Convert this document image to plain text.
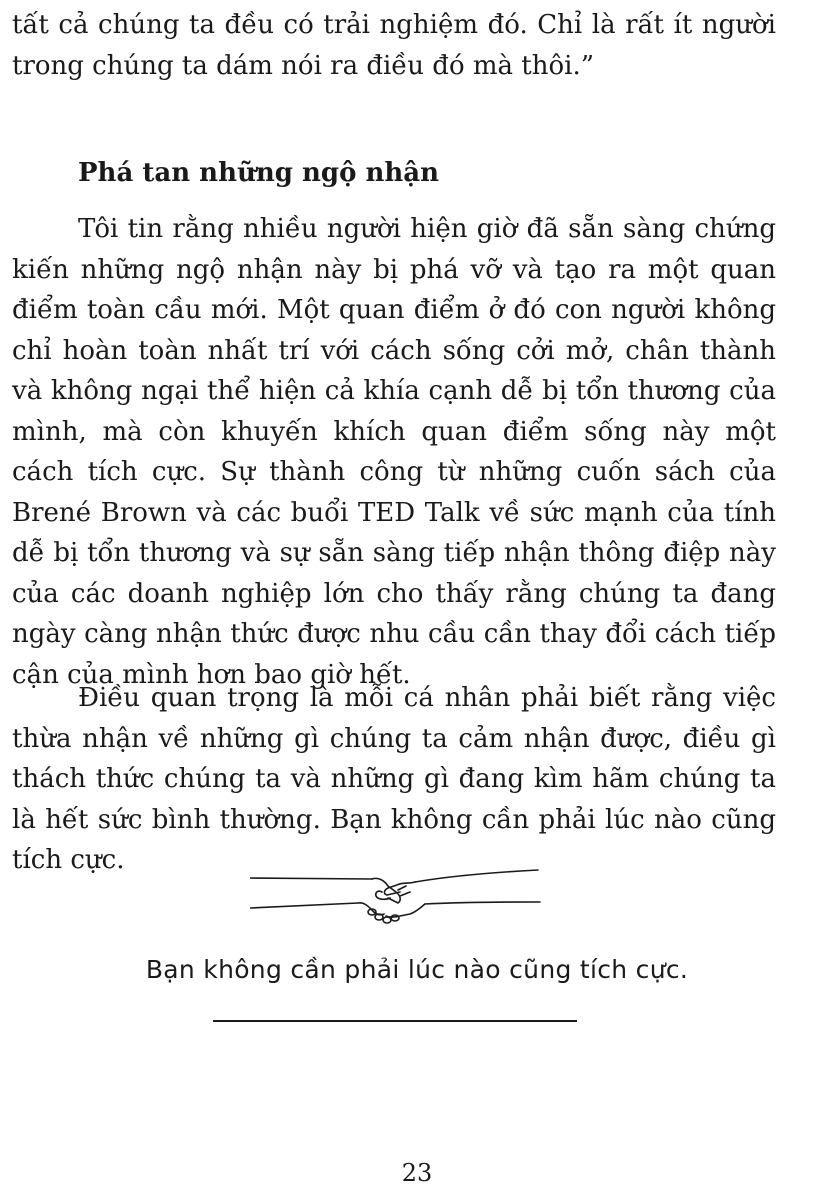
tất cả chúng ta đều có trải nghiệm đó. Chỉ là rất ít người trong chúng ta dám nói ra điều đó mà thôi.”

Phá tan những ngộ nhận

Tôi tin rằng nhiều người hiện giờ đã sẵn sàng chứng kiến những ngộ nhận này bị phá vỡ và tạo ra một quan điểm toàn cầu mới. Một quan điểm ở đó con người không chỉ hoàn toàn nhất trí với cách sống cởi mở, chân thành và không ngại thể hiện cả khía cạnh dễ bị tổn thương của mình, mà còn khuyến khích quan điểm sống này một cách tích cực. Sự thành công từ những cuốn sách của Brené Brown và các buổi TED Talk về sức mạnh của tính dễ bị tổn thương và sự sẵn sàng tiếp nhận thông điệp này của các doanh nghiệp lớn cho thấy rằng chúng ta đang ngày càng nhận thức được nhu cầu cần thay đổi cách tiếp cận của mình hơn bao giờ hết.

Điều quan trọng là mỗi cá nhân phải biết rằng việc thừa nhận về những gì chúng ta cảm nhận được, điều gì thách thức chúng ta và những gì đang kìm hãm chúng ta là hết sức bình thường. Bạn không cần phải lúc nào cũng tích cực.

Bạn không cần phải lúc nào cũng tích cực.

23
